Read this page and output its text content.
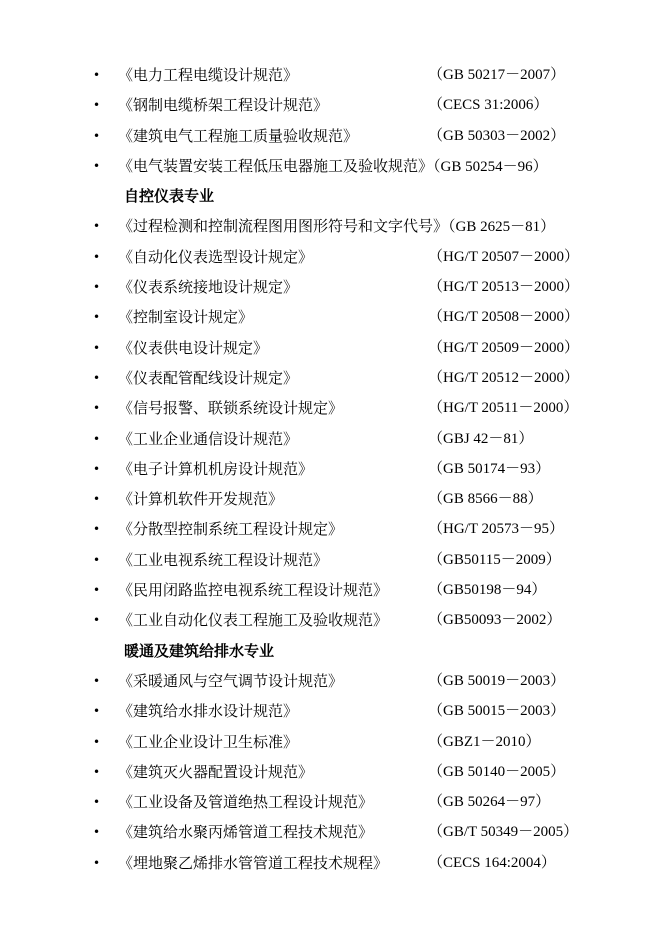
• 《电力工程电缆设计规范》	（GB 50217－2007）
• 《钢制电缆桥架工程设计规范》	（CECS 31:2006）
• 《建筑电气工程施工质量验收规范》	（GB 50303－2002）
• 《电气装置安装工程低压电器施工及验收规范》（GB 50254－96）
自控仪表专业
• 《过程检测和控制流程图用图形符号和文字代号》（GB 2625－81）
• 《自动化仪表选型设计规定》	（HG/T 20507－2000）
• 《仪表系统接地设计规定》	（HG/T 20513－2000）
• 《控制室设计规定》	（HG/T 20508－2000）
• 《仪表供电设计规定》	（HG/T 20509－2000）
• 《仪表配管配线设计规定》	（HG/T 20512－2000）
• 《信号报警、联锁系统设计规定》	（HG/T 20511－2000）
• 《工业企业通信设计规范》	（GBJ 42－81）
• 《电子计算机机房设计规范》	（GB 50174－93）
• 《计算机软件开发规范》	（GB 8566－88）
• 《分散型控制系统工程设计规定》	（HG/T 20573－95）
• 《工业电视系统工程设计规范》	（GB50115－2009）
• 《民用闭路监控电视系统工程设计规范》	（GB50198－94）
• 《工业自动化仪表工程施工及验收规范》	（GB50093－2002）
暖通及建筑给排水专业
• 《采暖通风与空气调节设计规范》	（GB 50019－2003）
• 《建筑给水排水设计规范》	（GB 50015－2003）
• 《工业企业设计卫生标准》	（GBZ1－2010）
• 《建筑灭火器配置设计规范》	（GB 50140－2005）
• 《工业设备及管道绝热工程设计规范》	（GB 50264－97）
• 《建筑给水聚丙烯管道工程技术规范》	（GB/T 50349－2005）
• 《埋地聚乙烯排水管管道工程技术规程》	（CECS 164:2004）
